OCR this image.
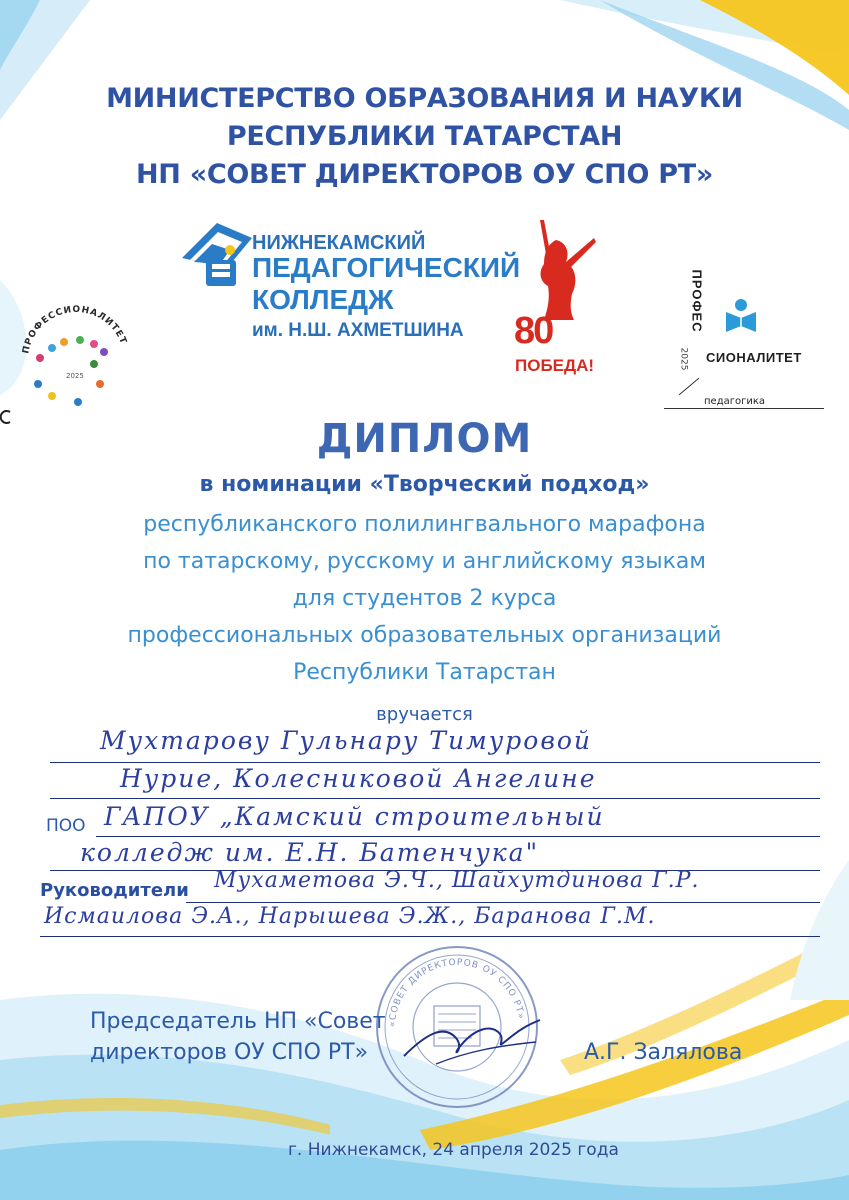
МИНИСТЕРСТВО ОБРАЗОВАНИЯ И НАУКИ
РЕСПУБЛИКИ ТАТАРСТАН
НП «СОВЕТ ДИРЕКТОРОВ ОУ СПО РТ»
НИЖНЕКАМСКИЙ
ПЕДАГОГИЧЕСКИЙ
КОЛЛЕДЖ
им. Н.Ш. АХМЕТШИНА
ПРОФЕССИОНАЛИТЕТ
2025
80
ПОБЕДА!
ПРОФЕС
СИОНАЛИТЕТ
2025
педагогика
ДИПЛОМ
в номинации «Творческий подход»
республиканского полилингвального марафона
по татарскому, русскому и английскому языкам
для студентов 2 курса
профессиональных образовательных организаций
Республики Татарстан
вручается
Мухтарову Гульнару Тимуровой
Нурие, Колесниковой Ангелине
ПОО ГАПОУ „Камский строительный
колледж им. Е.Н. Батенчука"
Руководители Мухаметова Э.Ч., Шайхутдинова Г.Р.
Исмаилова Э.А., Нарышева Э.Ж., Баранова Г.М.
«СОВЕТ ДИРЕКТОРОВ ОУ СПО РТ»
Председатель НП «Совет
директоров ОУ СПО РТ»	А.Г. Залялова
г. Нижнекамск, 24 апреля 2025 года
